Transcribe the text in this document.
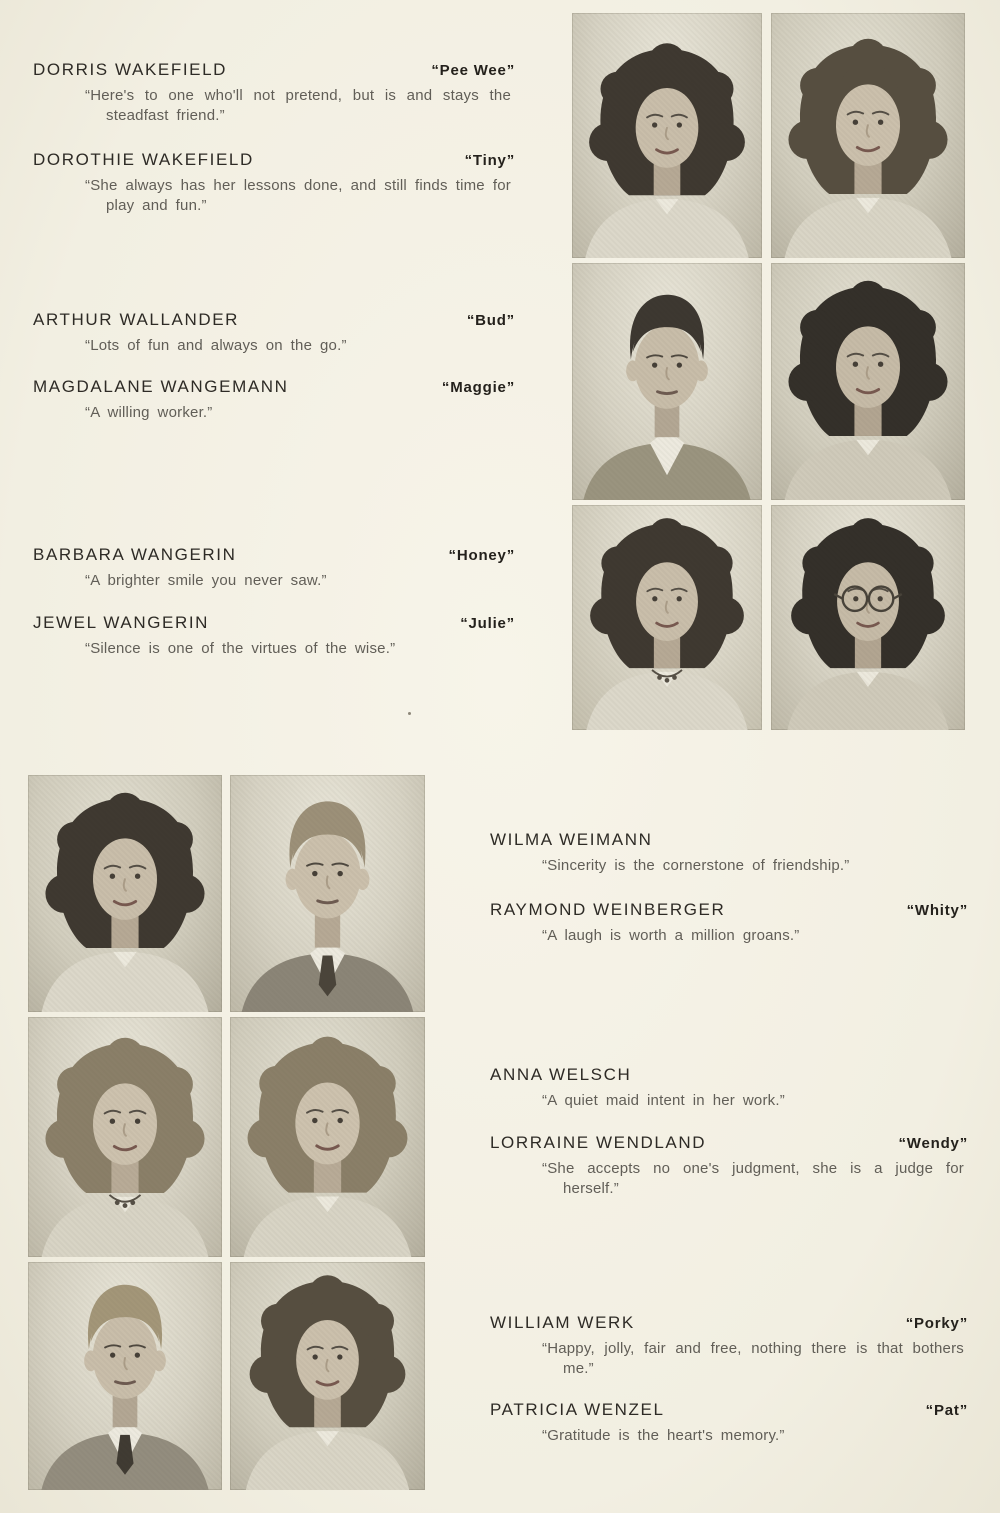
DORRIS WAKEFIELD	“Pee Wee”

“Here's to one who'll not pretend, but is and stays the steadfast friend.”

DOROTHIE WAKEFIELD	“Tiny”

“She always has her lessons done, and still finds time for play and fun.”

ARTHUR WALLANDER	“Bud”

“Lots of fun and always on the go.”

MAGDALANE WANGEMANN	“Maggie”

“A willing worker.”

BARBARA WANGERIN	“Honey”

“A brighter smile you never saw.”

JEWEL WANGERIN	“Julie”

“Silence is one of the virtues of the wise.”

WILMA WEIMANN

“Sincerity is the cornerstone of friendship.”

RAYMOND WEINBERGER	“Whity”

“A laugh is worth a million groans.”

ANNA WELSCH

“A quiet maid intent in her work.”

LORRAINE WENDLAND	“Wendy”

“She accepts no one's judgment, she is a judge for herself.”

WILLIAM WERK	“Porky”

“Happy, jolly, fair and free, nothing there is that bothers me.”

PATRICIA WENZEL	“Pat”

“Gratitude is the heart's memory.”
